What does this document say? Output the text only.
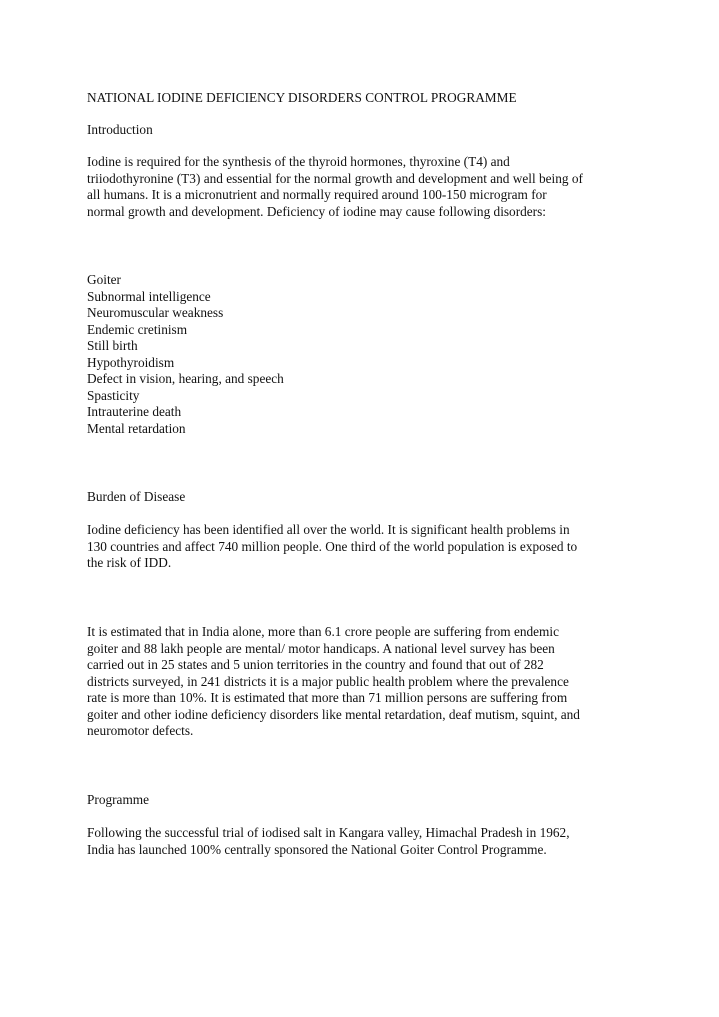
NATIONAL IODINE DEFICIENCY DISORDERS CONTROL PROGRAMME
Introduction
Iodine is required for the synthesis of the thyroid hormones, thyroxine (T4) and
triiodothyronine (T3) and essential for the normal growth and development and well being of
all humans. It is a micronutrient and normally required around 100-150 microgram for
normal growth and development. Deficiency of iodine may cause following disorders:
Goiter
Subnormal intelligence
Neuromuscular weakness
Endemic cretinism
Still birth
Hypothyroidism
Defect in vision, hearing, and speech
Spasticity
Intrauterine death
Mental retardation
Burden of Disease
Iodine deficiency has been identified all over the world. It is significant health problems in
130 countries and affect 740 million people. One third of the world population is exposed to
the risk of IDD.
It is estimated that in India alone, more than 6.1 crore people are suffering from endemic
goiter and 88 lakh people are mental/ motor handicaps. A national level survey has been
carried out in 25 states and 5 union territories in the country and found that out of 282
districts surveyed, in 241 districts it is a major public health problem where the prevalence
rate is more than 10%. It is estimated that more than 71 million persons are suffering from
goiter and other iodine deficiency disorders like mental retardation, deaf mutism, squint, and
neuromotor defects.
Programme
Following the successful trial of iodised salt in Kangara valley, Himachal Pradesh in 1962,
India has launched 100% centrally sponsored the National Goiter Control Programme.
